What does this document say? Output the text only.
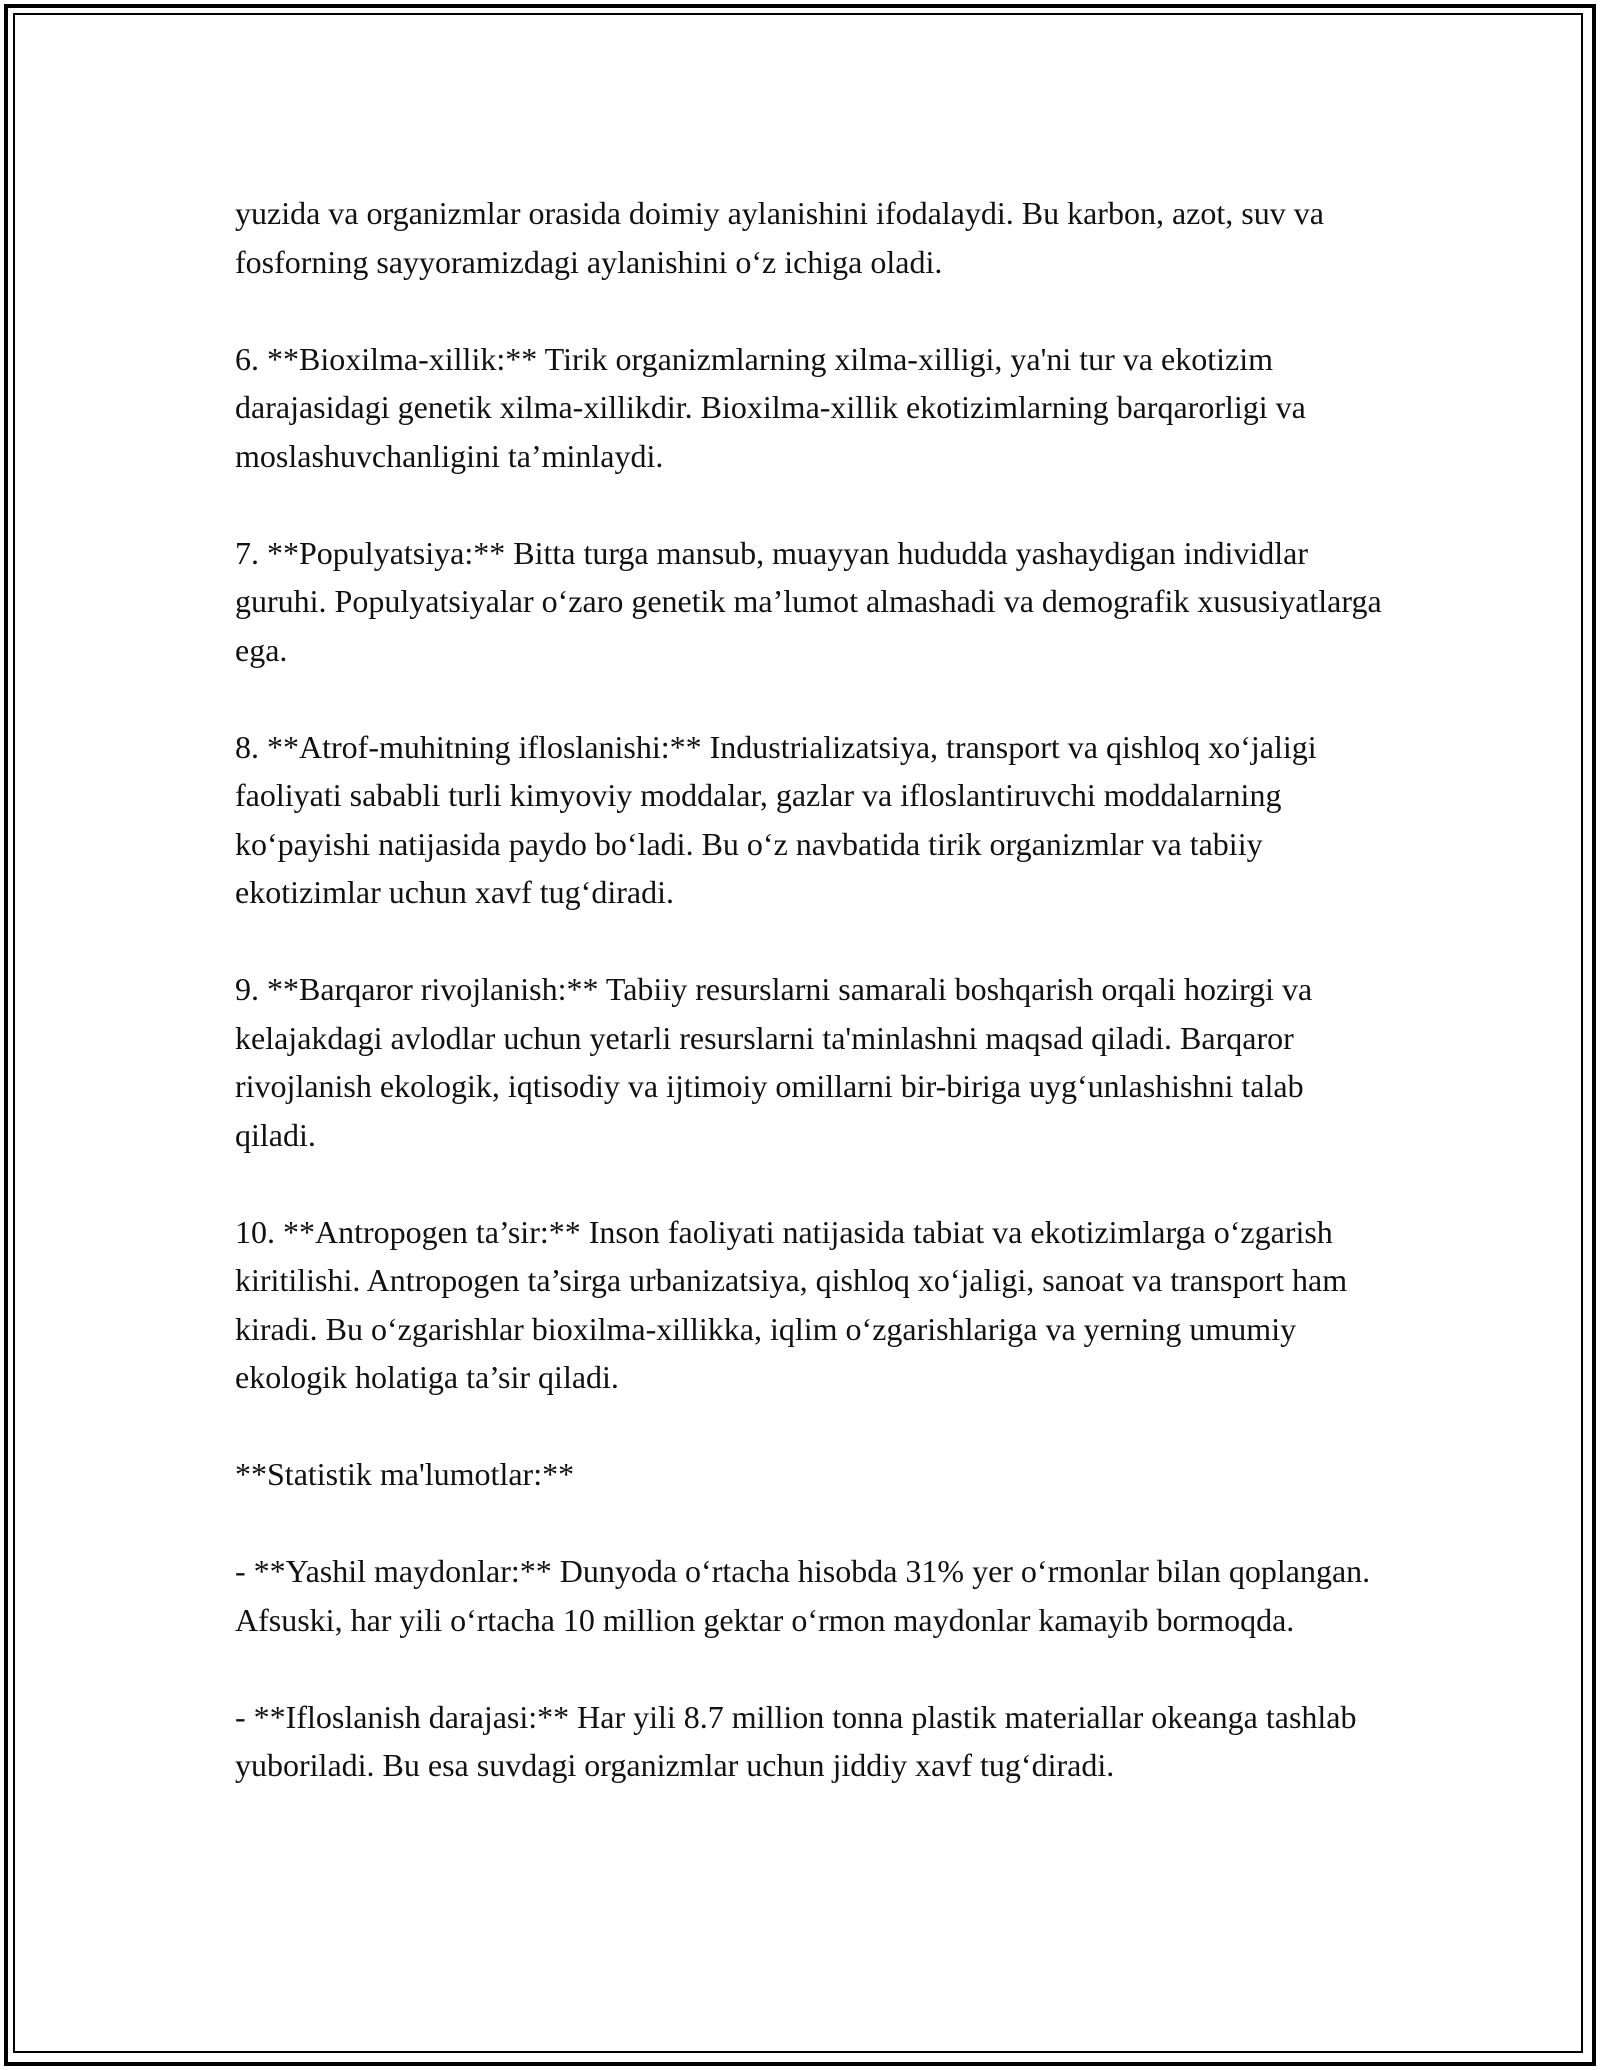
yuzida va organizmlar orasida doimiy aylanishini ifodalaydi. Bu karbon, azot, suv va fosforning sayyoramizdagi aylanishini o‘z ichiga oladi.

6. **Bioxilma-xillik:** Tirik organizmlarning xilma-xilligi, ya'ni tur va ekotizim darajasidagi genetik xilma-xillikdir. Bioxilma-xillik ekotizimlarning barqarorligi va moslashuvchanligini ta’minlaydi.

7. **Populyatsiya:** Bitta turga mansub, muayyan hududda yashaydigan individlar guruhi. Populyatsiyalar o‘zaro genetik ma’lumot almashadi va demografik xususiyatlarga ega.

8. **Atrof-muhitning ifloslanishi:** Industrializatsiya, transport va qishloq xo‘jaligi faoliyati sababli turli kimyoviy moddalar, gazlar va ifloslantiruvchi moddalarning ko‘payishi natijasida paydo bo‘ladi. Bu o‘z navbatida tirik organizmlar va tabiiy ekotizimlar uchun xavf tug‘diradi.

9. **Barqaror rivojlanish:** Tabiiy resurslarni samarali boshqarish orqali hozirgi va kelajakdagi avlodlar uchun yetarli resurslarni ta'minlashni maqsad qiladi. Barqaror rivojlanish ekologik, iqtisodiy va ijtimoiy omillarni bir-biriga uyg‘unlashishni talab qiladi.

10. **Antropogen ta’sir:** Inson faoliyati natijasida tabiat va ekotizimlarga o‘zgarish kiritilishi. Antropogen ta’sirga urbanizatsiya, qishloq xo‘jaligi, sanoat va transport ham kiradi. Bu o‘zgarishlar bioxilma-xillikka, iqlim o‘zgarishlariga va yerning umumiy ekologik holatiga ta’sir qiladi.

**Statistik ma'lumotlar:**

- **Yashil maydonlar:** Dunyoda o‘rtacha hisobda 31% yer o‘rmonlar bilan qoplangan. Afsuski, har yili o‘rtacha 10 million gektar o‘rmon maydonlar kamayib bormoqda.

- **Ifloslanish darajasi:** Har yili 8.7 million tonna plastik materiallar okeanga tashlab yuboriladi. Bu esa suvdagi organizmlar uchun jiddiy xavf tug‘diradi.
